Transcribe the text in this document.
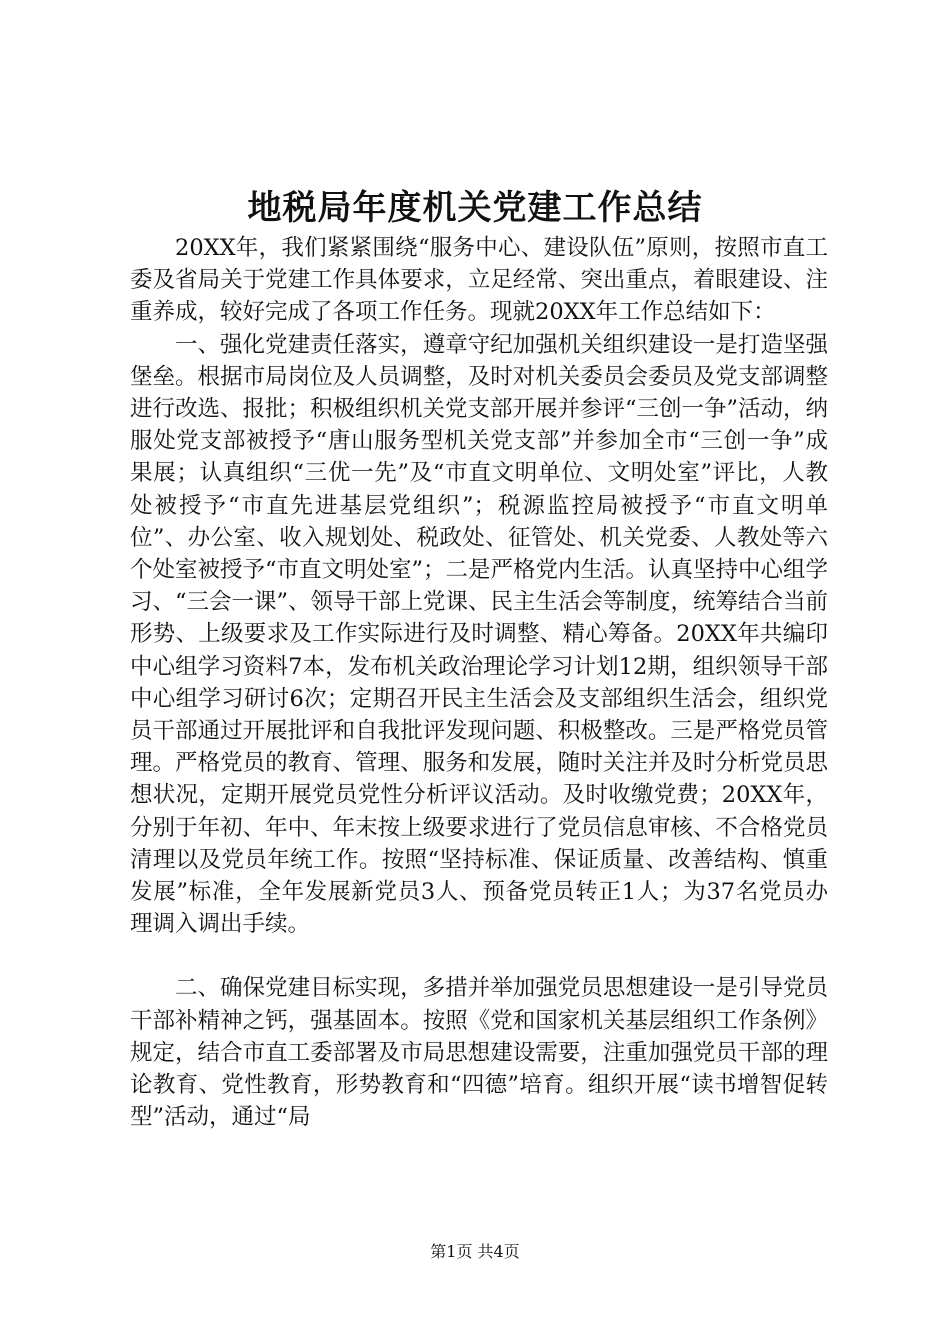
地税局年度机关党建工作总结

20XX年，我们紧紧围绕“服务中心、建设队伍”原则，按照市直工委及省局关于党建工作具体要求，立足经常、突出重点，着眼建设、注重养成，较好完成了各项工作任务。现就20XX年工作总结如下：

一、强化党建责任落实，遵章守纪加强机关组织建设一是打造坚强堡垒。根据市局岗位及人员调整，及时对机关委员会委员及党支部调整进行改选、报批；积极组织机关党支部开展并参评“三创一争”活动，纳服处党支部被授予“唐山服务型机关党支部”并参加全市“三创一争”成果展；认真组织“三优一先”及“市直文明单位、文明处室”评比，人教处被授予“市直先进基层党组织”；税源监控局被授予“市直文明单位”、办公室、收入规划处、税政处、征管处、机关党委、人教处等六个处室被授予“市直文明处室”；二是严格党内生活。认真坚持中心组学习、“三会一课”、领导干部上党课、民主生活会等制度，统筹结合当前形势、上级要求及工作实际进行及时调整、精心筹备。20XX年共编印中心组学习资料7本，发布机关政治理论学习计划12期，组织领导干部中心组学习研讨6次；定期召开民主生活会及支部组织生活会，组织党员干部通过开展批评和自我批评发现问题、积极整改。三是严格党员管理。严格党员的教育、管理、服务和发展，随时关注并及时分析党员思想状况，定期开展党员党性分析评议活动。及时收缴党费；20XX年，分别于年初、年中、年末按上级要求进行了党员信息审核、不合格党员清理以及党员年统工作。按照“坚持标准、保证质量、改善结构、慎重发展”标准，全年发展新党员3人、预备党员转正1人；为37名党员办理调入调出手续。

二、确保党建目标实现，多措并举加强党员思想建设一是引导党员干部补精神之钙，强基固本。按照《党和国家机关基层组织工作条例》规定，结合市直工委部署及市局思想建设需要，注重加强党员干部的理论教育、党性教育，形势教育和“四德”培育。组织开展“读书增智促转型”活动，通过“局

第1页 共4页
